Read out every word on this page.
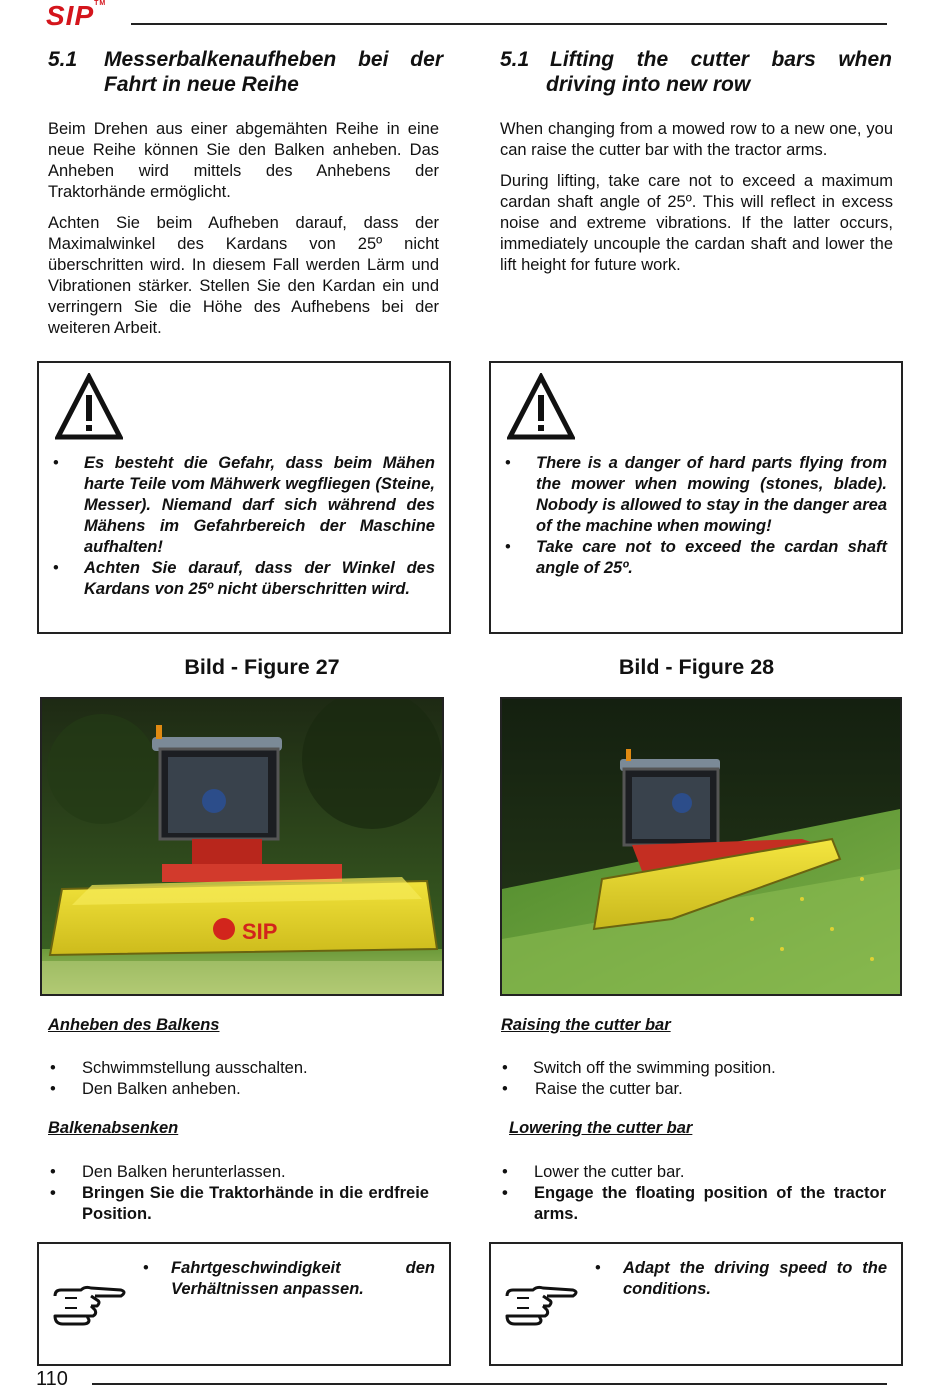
SIP™
5.1 Messerbalkenaufheben bei der
Fahrt in neue Reihe

Beim Drehen aus einer abgemähten Reihe in eine neue Reihe können Sie den Balken anheben. Das Anheben wird mittels des Anhebens der Traktorhände ermöglicht.

Achten Sie beim Aufheben darauf, dass der Maximalwinkel des Kardans von 25º nicht überschritten wird. In diesem Fall werden Lärm und Vibrationen stärker. Stellen Sie den Kardan ein und verringern Sie die Höhe des Aufhebens bei der weiteren Arbeit.

• Es besteht die Gefahr, dass beim Mähen harte Teile vom Mähwerk wegfliegen (Steine, Messer). Niemand darf sich während des Mähens im Gefahrbereich der Maschine aufhalten!
• Achten Sie darauf, dass der Winkel des Kardans von 25º nicht überschritten wird.
Bild - Figure 27
SIP
Anheben des Balkens
• Schwimmstellung ausschalten.
• Den Balken anheben.
Balkenabsenken
• Den Balken herunterlassen.
• Bringen Sie die Traktorhände in die erdfreie Position.
• Fahrtgeschwindigkeit den Verhältnissen anpassen.
5.1 Lifting the cutter bars when
driving into new row

When changing from a mowed row to a new one, you can raise the cutter bar with the tractor arms.

During lifting, take care not to exceed a maximum cardan shaft angle of 25º. This will reflect in excess noise and extreme vibrations. If the latter occurs, immediately uncouple the cardan shaft and lower the lift height for future work.

• There is a danger of hard parts flying from the mower when mowing (stones, blade). Nobody is allowed to stay in the danger area of the machine when mowing!
• Take care not to exceed the cardan shaft angle of 25º.
Bild - Figure 28
Raising the cutter bar
• Switch off the swimming position.
• Raise the cutter bar.
Lowering the cutter bar
• Lower the cutter bar.
• Engage the floating position of the tractor arms.
• Adapt the driving speed to the conditions.
110
